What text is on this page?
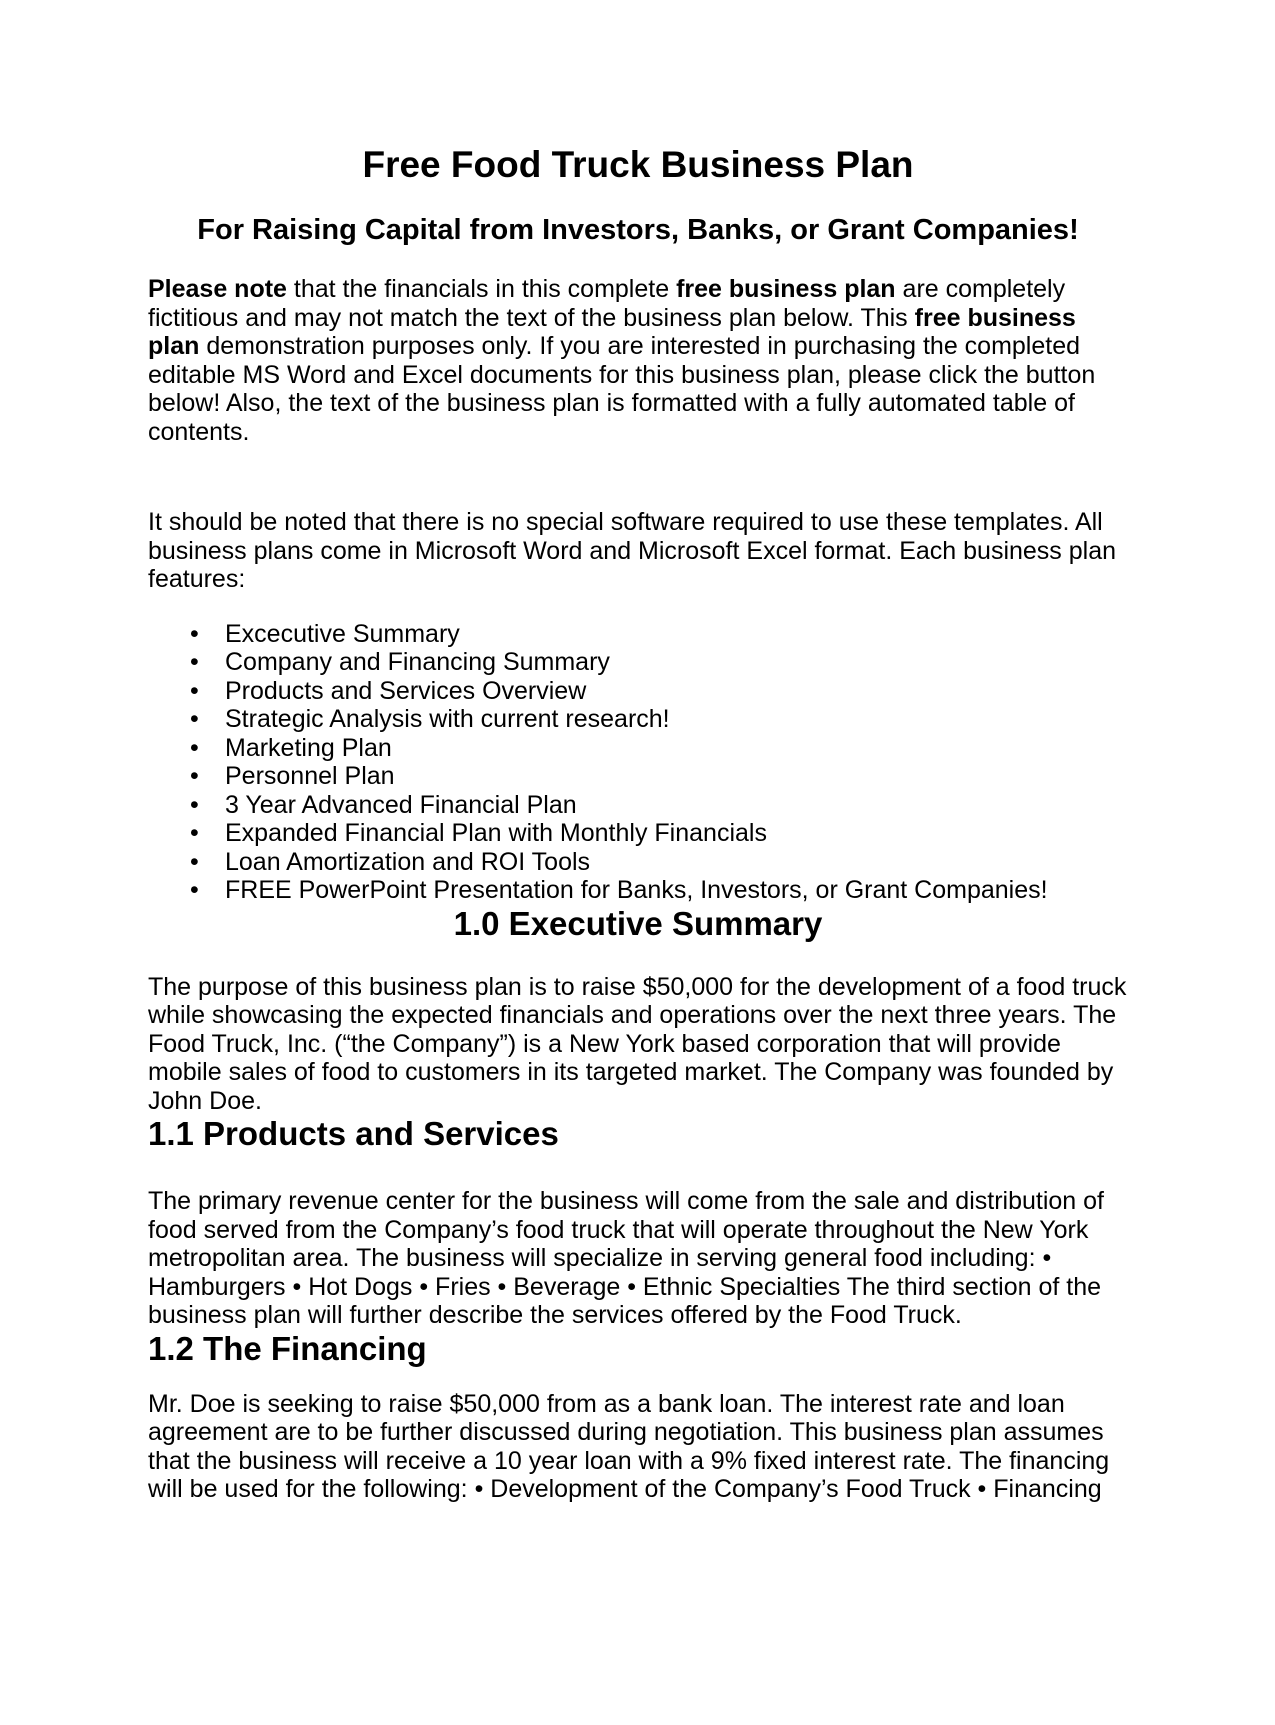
Free Food Truck Business Plan
For Raising Capital from Investors, Banks, or Grant Companies!

Please note that the financials in this complete free business plan are completely fictitious and may not match the text of the business plan below. This free business plan demonstration purposes only. If you are interested in purchasing the completed editable MS Word and Excel documents for this business plan, please click the button below! Also, the text of the business plan is formatted with a fully automated table of contents.

It should be noted that there is no special software required to use these templates. All business plans come in Microsoft Word and Microsoft Excel format. Each business plan features:

• Excecutive Summary
• Company and Financing Summary
• Products and Services Overview
• Strategic Analysis with current research!
• Marketing Plan
• Personnel Plan
• 3 Year Advanced Financial Plan
• Expanded Financial Plan with Monthly Financials
• Loan Amortization and ROI Tools
• FREE PowerPoint Presentation for Banks, Investors, or Grant Companies!
1.0 Executive Summary

The purpose of this business plan is to raise $50,000 for the development of a food truck while showcasing the expected financials and operations over the next three years. The Food Truck, Inc. (“the Company”) is a New York based corporation that will provide mobile sales of food to customers in its targeted market. The Company was founded by John Doe.

1.1 Products and Services

The primary revenue center for the business will come from the sale and distribution of food served from the Company’s food truck that will operate throughout the New York metropolitan area. The business will specialize in serving general food including: • Hamburgers • Hot Dogs • Fries • Beverage • Ethnic Specialties The third section of the business plan will further describe the services offered by the Food Truck.

1.2 The Financing

Mr. Doe is seeking to raise $50,000 from as a bank loan. The interest rate and loan agreement are to be further discussed during negotiation. This business plan assumes that the business will receive a 10 year loan with a 9% fixed interest rate. The financing will be used for the following: • Development of the Company’s Food Truck • Financing
